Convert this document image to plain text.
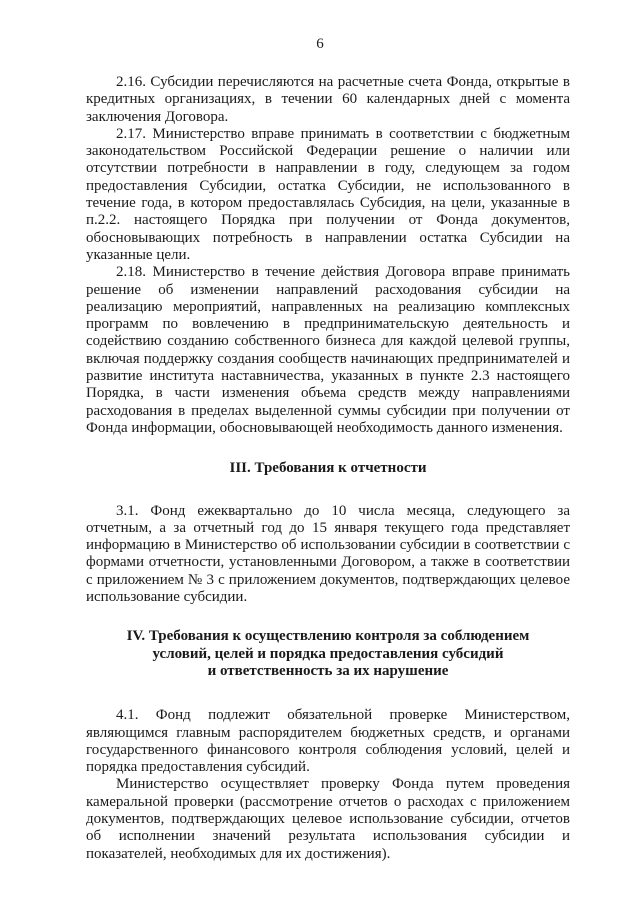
6

2.16. Субсидии перечисляются на расчетные счета Фонда, открытые в кредитных организациях, в течении 60 календарных дней с момента заключения Договора.

2.17. Министерство вправе принимать в соответствии с бюджетным законодательством Российской Федерации решение о наличии или отсутствии потребности в направлении в году, следующем за годом предоставления Субсидии, остатка Субсидии, не использованного в течение года, в котором предоставлялась Субсидия, на цели, указанные в п.2.2. настоящего Порядка при получении от Фонда документов, обосновывающих потребность в направлении остатка Субсидии на указанные цели.

2.18. Министерство в течение действия Договора вправе принимать решение об изменении направлений расходования субсидии на реализацию мероприятий, направленных на реализацию комплексных программ по вовлечению в предпринимательскую деятельность и содействию созданию собственного бизнеса для каждой целевой группы, включая поддержку создания сообществ начинающих предпринимателей и развитие института наставничества, указанных в пункте 2.3 настоящего Порядка, в части изменения объема средств между направлениями расходования в пределах выделенной суммы субсидии при получении от Фонда информации, обосновывающей необходимость данного изменения.

III. Требования к отчетности

3.1. Фонд ежеквартально до 10 числа месяца, следующего за отчетным, а за отчетный год до 15 января текущего года представляет информацию в Министерство об использовании субсидии в соответствии с формами отчетности, установленными Договором, а также в соответствии с приложением № 3 с приложением документов, подтверждающих целевое использование субсидии.

IV. Требования к осуществлению контроля за соблюдением
условий, целей и порядка предоставления субсидий
и ответственность за их нарушение

4.1. Фонд подлежит обязательной проверке Министерством, являющимся главным распорядителем бюджетных средств, и органами государственного финансового контроля соблюдения условий, целей и порядка предоставления субсидий.

Министерство осуществляет проверку Фонда путем проведения камеральной проверки (рассмотрение отчетов о расходах с приложением документов, подтверждающих целевое использование субсидии, отчетов об исполнении значений результата использования субсидии и показателей, необходимых для их достижения).
